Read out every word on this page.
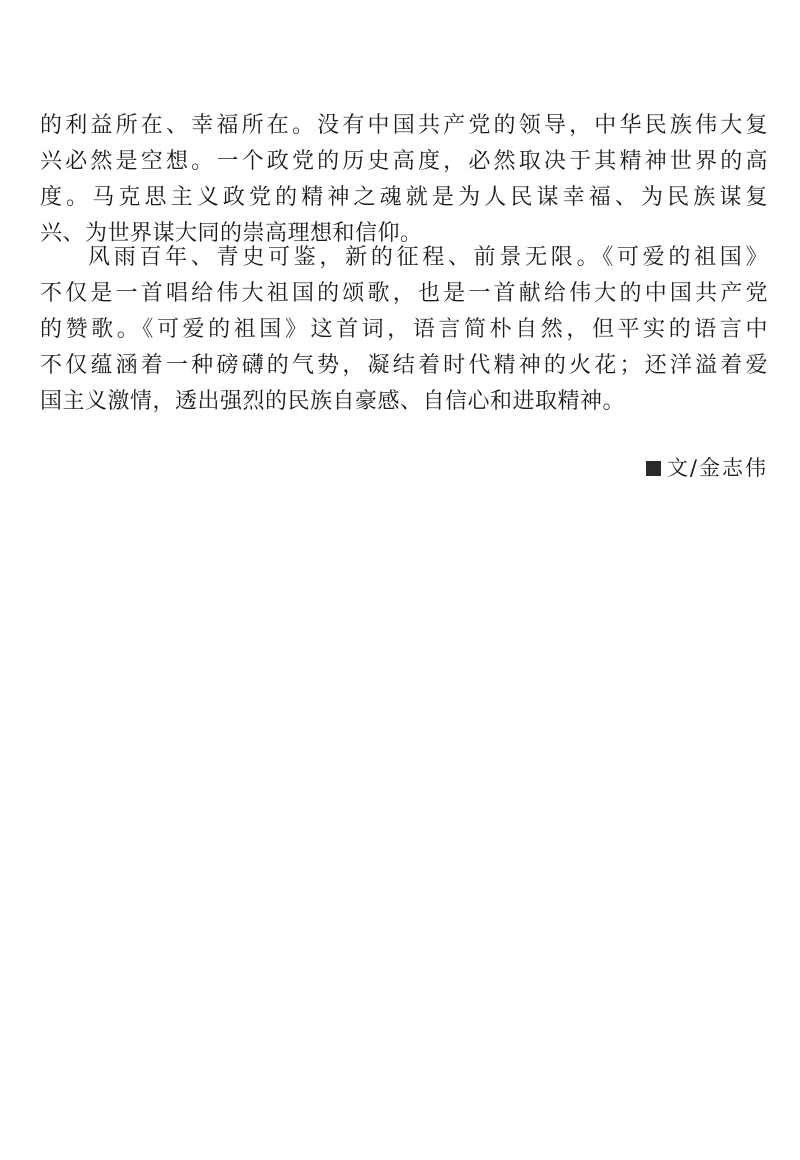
的利益所在、幸福所在。没有中国共产党的领导，中华民族伟大复
兴必然是空想。一个政党的历史高度，必然取决于其精神世界的高
度。马克思主义政党的精神之魂就是为人民谋幸福、为民族谋复
兴、为世界谋大同的崇高理想和信仰。
风雨百年、青史可鉴，新的征程、前景无限。《可爱的祖国》
不仅是一首唱给伟大祖国的颂歌，也是一首献给伟大的中国共产党
的赞歌。《可爱的祖国》这首词，语言简朴自然，但平实的语言中
不仅蕴涵着一种磅礴的气势，凝结着时代精神的火花；还洋溢着爱
国主义激情，透出强烈的民族自豪感、自信心和进取精神。
文/金志伟
